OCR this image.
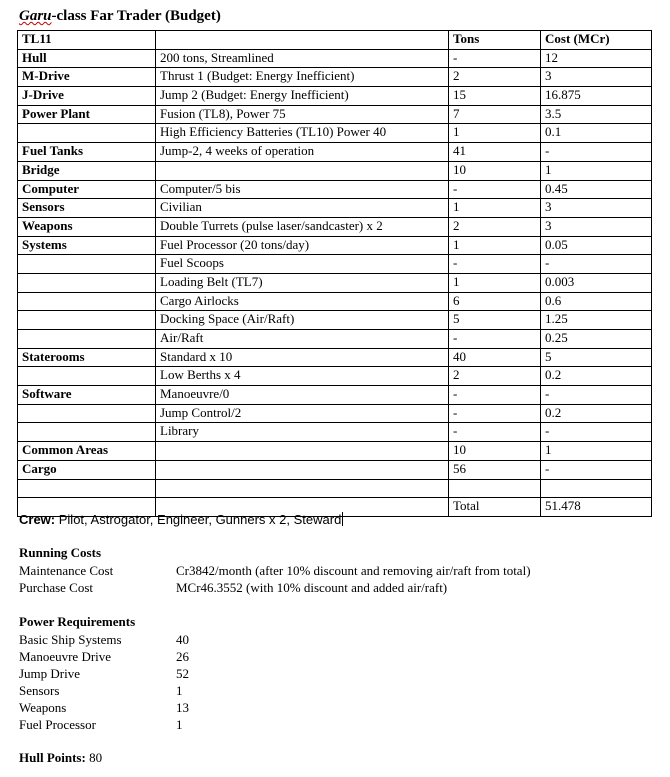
Garu-class Far Trader (Budget)
TL11		Tons	Cost (MCr)
Hull	200 tons, Streamlined	-	12
M-Drive	Thrust 1 (Budget: Energy Inefficient)	2	3
J-Drive	Jump 2 (Budget: Energy Inefficient)	15	16.875
Power Plant	Fusion (TL8), Power 75	7	3.5
	High Efficiency Batteries (TL10) Power 40	1	0.1
Fuel Tanks	Jump-2, 4 weeks of operation	41	-
Bridge		10	1
Computer	Computer/5 bis	-	0.45
Sensors	Civilian	1	3
Weapons	Double Turrets (pulse laser/sandcaster) x 2	2	3
Systems	Fuel Processor (20 tons/day)	1	0.05
	Fuel Scoops	-	-
	Loading Belt (TL7)	1	0.003
	Cargo Airlocks	6	0.6
	Docking Space (Air/Raft)	5	1.25
	Air/Raft	-	0.25
Staterooms	Standard x 10	40	5
	Low Berths x 4	2	0.2
Software	Manoeuvre/0	-	-
	Jump Control/2	-	0.2
	Library	-	-
Common Areas		10	1
Cargo		56	-

		Total	51.478
Crew: Pilot, Astrogator, Engineer, Gunners x 2, Steward
Running Costs
Maintenance Cost	Cr3842/month (after 10% discount and removing air/raft from total)
Purchase Cost	MCr46.3552 (with 10% discount and added air/raft)
Power Requirements
Basic Ship Systems	40
Manoeuvre Drive	26
Jump Drive	52
Sensors	1
Weapons	13
Fuel Processor	1
Hull Points: 80
